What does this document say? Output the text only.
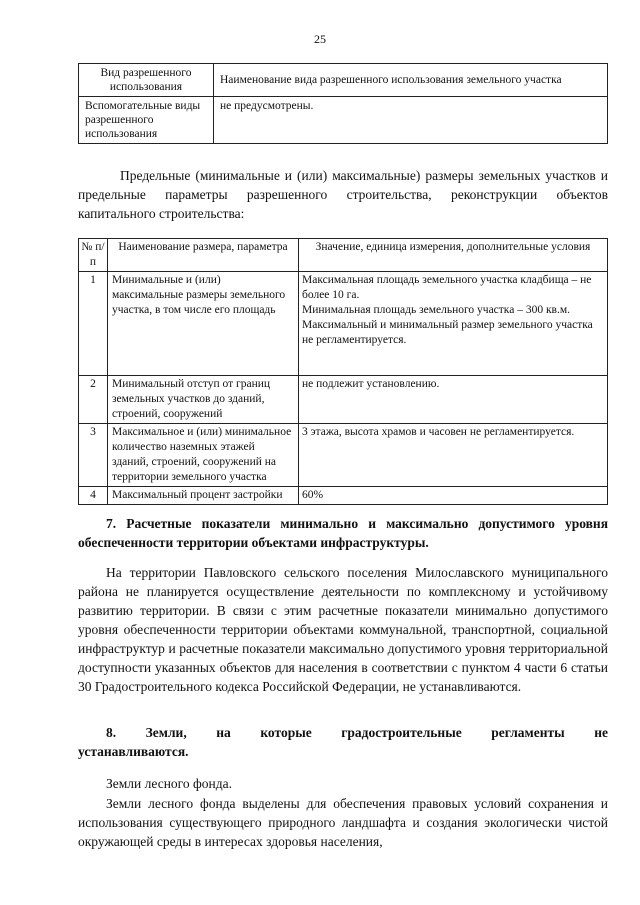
25
Вид разрешенного использования	Наименование вида разрешенного использования земельного участка
Вспомогательные виды разрешенного использования	не предусмотрены.

Предельные (минимальные и (или) максимальные) размеры земельных участков и предельные параметры разрешенного строительства, реконструкции объектов капитального строительства:

№ п/п	Наименование размера, параметра	Значение, единица измерения, дополнительные условия
1	Минимальные и (или) максимальные размеры земельного участка, в том числе его площадь	Максимальная площадь земельного участка кладбища – не более 10 га.
Минимальная площадь земельного участка – 300 кв.м.
Максимальный и минимальный размер земельного участка не регламентируется.

2	Минимальный отступ от границ земельных участков до зданий, строений, сооружений	не подлежит установлению.
3	Максимальное и (или) минимальное количество наземных этажей зданий, строений, сооружений на территории земельного участка	3 этажа, высота храмов и часовен не регламентируется.
4	Максимальный процент застройки	60%

7. Расчетные показатели минимально и максимально допустимого уровня обеспеченности территории объектами инфраструктуры.

На территории Павловского сельского поселения Милославского муниципального района не планируется осуществление деятельности по комплексному и устойчивому развитию территории. В связи с этим расчетные показатели минимально допустимого уровня обеспеченности территории объектами коммунальной, транспортной, социальной инфраструктур и расчетные показатели максимально допустимого уровня территориальной доступности указанных объектов для населения в соответствии с пунктом 4 части 6 статьи 30 Градостроительного кодекса Российской Федерации, не устанавливаются.

8. Земли, на которые градостроительные регламенты не

устанавливаются.

Земли лесного фонда.

Земли лесного фонда выделены для обеспечения правовых условий сохранения и использования существующего природного ландшафта и создания экологически чистой окружающей среды в интересах здоровья населения,
